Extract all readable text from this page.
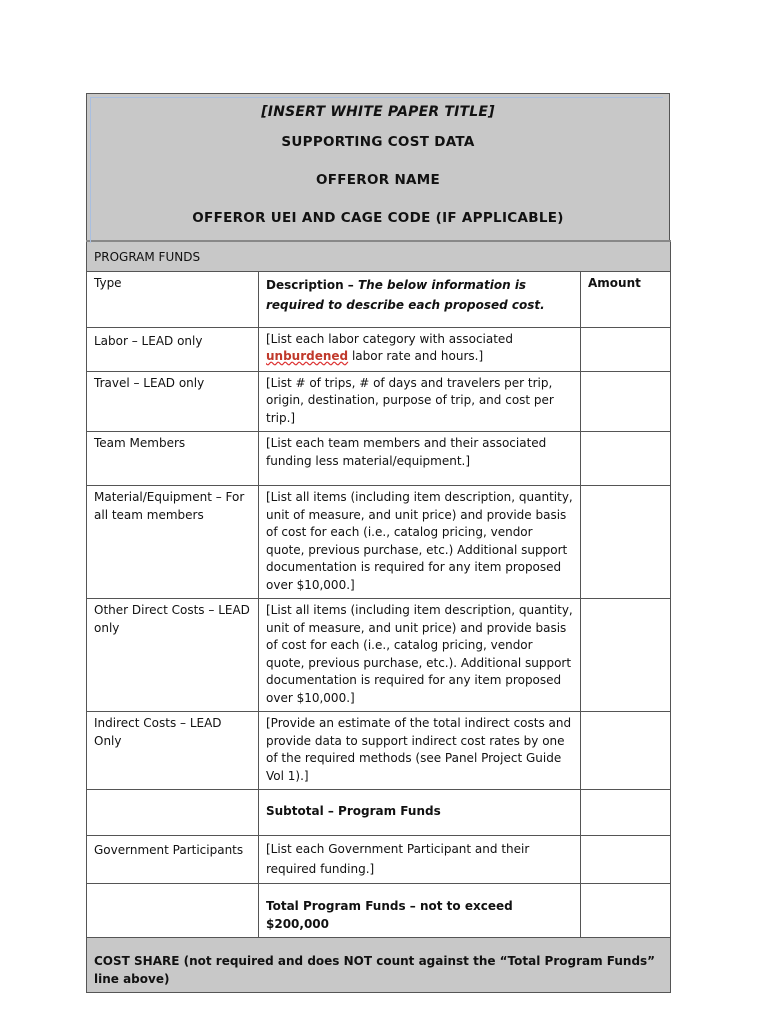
[INSERT WHITE PAPER TITLE]
SUPPORTING COST DATA
OFFEROR NAME
OFFEROR UEI AND CAGE CODE (IF APPLICABLE)
PROGRAM FUNDS		
Type	Description – The below information is required to describe each proposed cost.	Amount
Labor – LEAD only	[List each labor category with associated unburdened labor rate and hours.]	
Travel – LEAD only	[List # of trips, # of days and travelers per trip, origin, destination, purpose of trip, and cost per trip.]	
Team Members	[List each team members and their associated funding less material/equipment.]	
Material/Equipment – For all team members	[List all items (including item description, quantity, unit of measure, and unit price) and provide basis of cost for each (i.e., catalog pricing, vendor quote, previous purchase, etc.) Additional support documentation is required for any item proposed over $10,000.]	
Other Direct Costs – LEAD only	[List all items (including item description, quantity, unit of measure, and unit price) and provide basis of cost for each (i.e., catalog pricing, vendor quote, previous purchase, etc.). Additional support documentation is required for any item proposed over $10,000.]	
Indirect Costs – LEAD Only	[Provide an estimate of the total indirect costs and provide data to support indirect cost rates by one of the required methods (see Panel Project Guide Vol 1).]	
	Subtotal – Program Funds	
Government Participants	[List each Government Participant and their required funding.]	
	Total Program Funds – not to exceed $200,000	
COST SHARE (not required and does NOT count against the “Total Program Funds” line above)		
